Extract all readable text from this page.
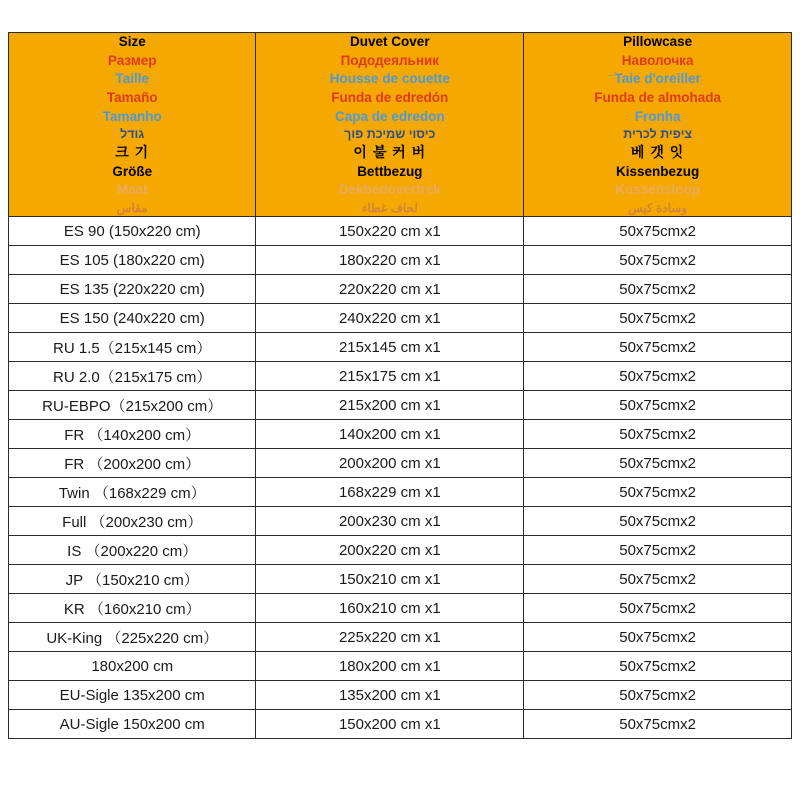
Size
Размер
Taille
Tamaño
Tamanho
גודל
크 기
Größe
Maat
مقاس

Duvet Cover
Пододеяльник
Housse de couette
Funda de edredón
Capa de edredon
כיסוי שמיכת פוך
이 불 커 버
Bettbezug
Dekbedovertrek
لحاف غطاء

Pillowcase
Наволочка
Taie d'oreiller
Funda de almohada
Fronha
ציפית לכרית
베 갯 잇
Kissenbezug
Kussensloop
وسادة كيس

ES 90 (150x220 cm)	150x220 cm x1	50x75cmx2
ES 105 (180x220 cm)	180x220 cm x1	50x75cmx2
ES 135 (220x220 cm)	220x220 cm x1	50x75cmx2
ES 150 (240x220 cm)	240x220 cm x1	50x75cmx2
RU 1.5（215x145 cm）	215x145 cm x1	50x75cmx2
RU 2.0（215x175 cm）	215x175 cm x1	50x75cmx2
RU-EBPO（215x200 cm）	215x200 cm x1	50x75cmx2
FR （140x200 cm）	140x200 cm x1	50x75cmx2
FR （200x200 cm）	200x200 cm x1	50x75cmx2
Twin （168x229 cm）	168x229 cm x1	50x75cmx2
Full （200x230 cm）	200x230 cm x1	50x75cmx2
IS （200x220 cm）	200x220 cm x1	50x75cmx2
JP （150x210 cm）	150x210 cm x1	50x75cmx2
KR （160x210 cm）	160x210 cm x1	50x75cmx2
UK-King （225x220 cm）	225x220 cm x1	50x75cmx2
180x200 cm	180x200 cm x1	50x75cmx2
EU-Sigle 135x200 cm	135x200 cm x1	50x75cmx2
AU-Sigle 150x200 cm	150x200 cm x1	50x75cmx2
